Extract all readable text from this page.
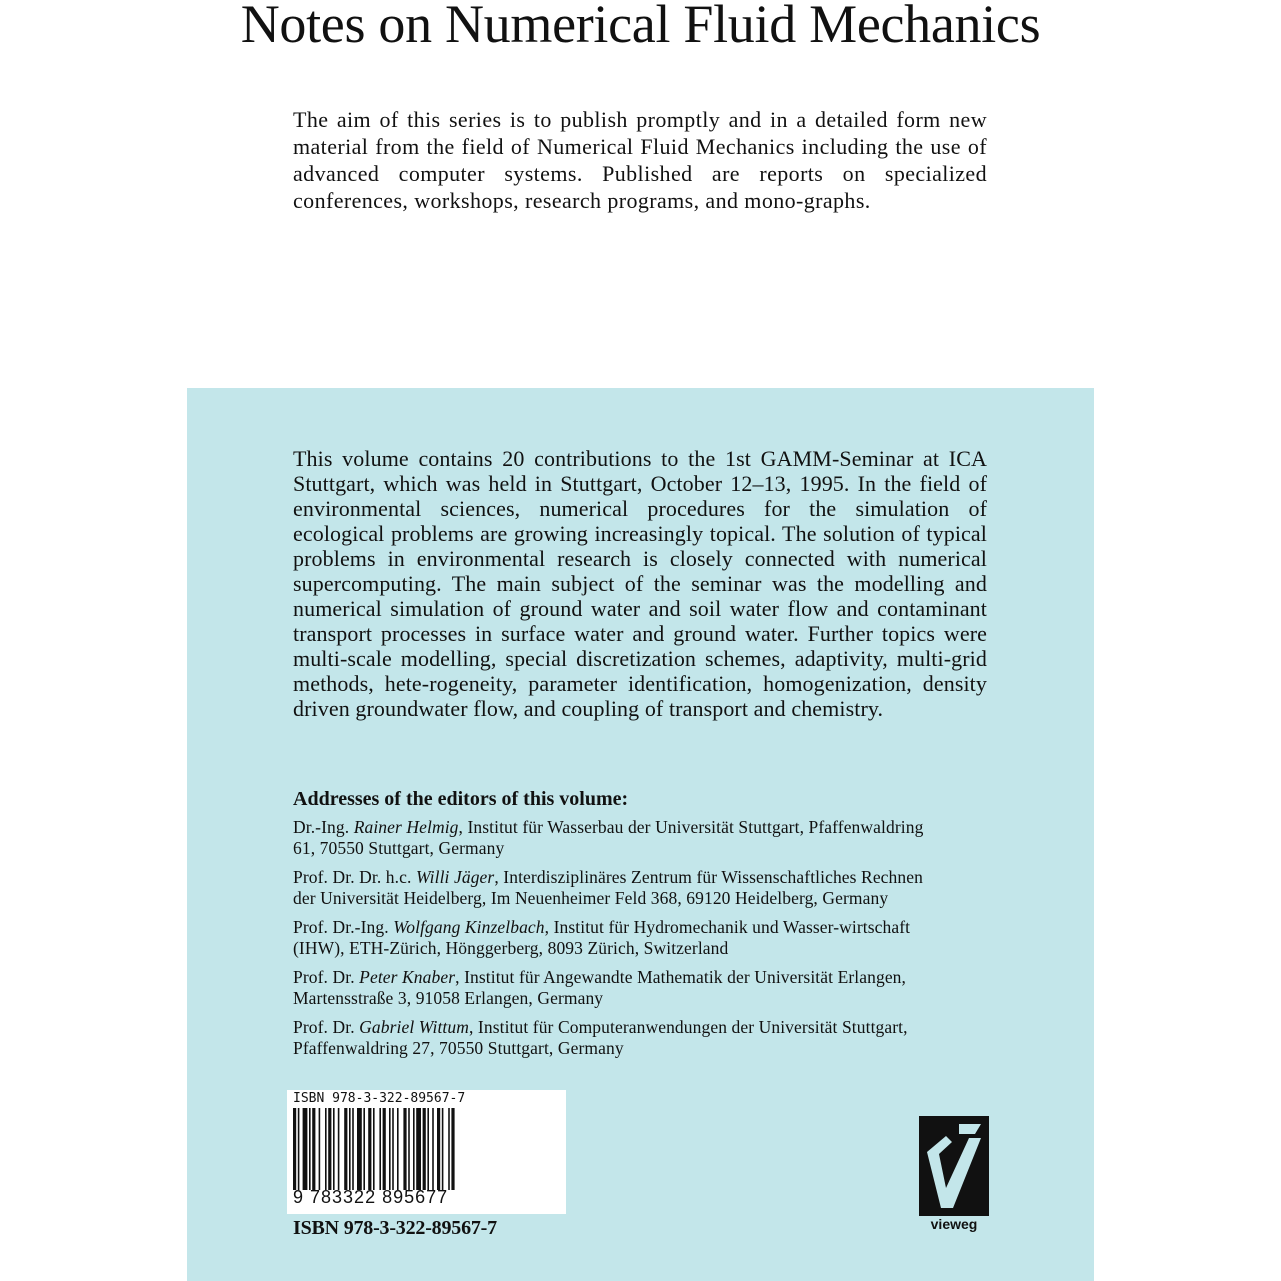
Notes on Numerical Fluid Mechanics

The aim of this series is to publish promptly and in a detailed form new material from the field of Numerical Fluid Mechanics including the use of advanced computer systems. Published are reports on specialized conferences, workshops, research programs, and mono-graphs.

This volume contains 20 contributions to the 1st GAMM-Seminar at ICA Stuttgart, which was held in Stuttgart, October 12–13, 1995. In the field of environmental sciences, numerical procedures for the simulation of ecological problems are growing increasingly topical. The solution of typical problems in environmental research is closely connected with numerical supercomputing. The main subject of the seminar was the modelling and numerical simulation of ground water and soil water flow and contaminant transport processes in surface water and ground water. Further topics were multi-scale modelling, special discretization schemes, adaptivity, multi-grid methods, hete-rogeneity, parameter identification, homogenization, density driven groundwater flow, and coupling of transport and chemistry.

Addresses of the editors of this volume:
Dr.-Ing. Rainer Helmig, Institut für Wasserbau der Universität Stuttgart, Pfaffenwaldring 61, 70550 Stuttgart, Germany
Prof. Dr. Dr. h.c. Willi Jäger, Interdisziplinäres Zentrum für Wissenschaftliches Rechnen der Universität Heidelberg, Im Neuenheimer Feld 368, 69120 Heidelberg, Germany
Prof. Dr.-Ing. Wolfgang Kinzelbach, Institut für Hydromechanik und Wasser-wirtschaft (IHW), ETH-Zürich, Hönggerberg, 8093 Zürich, Switzerland
Prof. Dr. Peter Knaber, Institut für Angewandte Mathematik der Universität Erlangen, Martensstraße 3, 91058 Erlangen, Germany
Prof. Dr. Gabriel Wittum, Institut für Computeranwendungen der Universität Stuttgart, Pfaffenwaldring 27, 70550 Stuttgart, Germany
ISBN 978-3-322-89567-7
9 783322 895677
ISBN 978-3-322-89567-7	vieweg
